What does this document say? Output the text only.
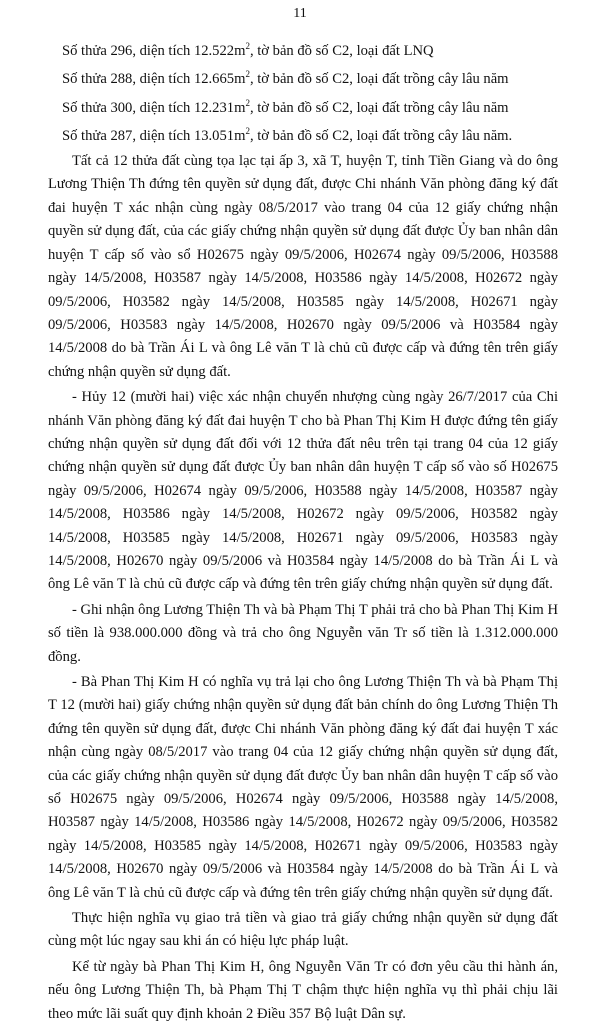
11

Số thửa 296, diện tích $12.522m^2$, tờ bản đồ số C2, loại đất LNQ

Số thửa 288, diện tích $12.665m^2$, tờ bản đồ số C2, loại đất trồng cây lâu năm

Số thửa 300, diện tích $12.231m^2$, tờ bản đồ số C2, loại đất trồng cây lâu năm

Số thửa 287, diện tích $13.051m^2$, tờ bản đồ số C2, loại đất trồng cây lâu năm.

Tất cả 12 thửa đất cùng tọa lạc tại ấp 3, xã T, huyện T, tỉnh Tiền Giang và do ông Lương Thiện Th đứng tên quyền sử dụng đất, được Chi nhánh Văn phòng đăng ký đất đai huyện T xác nhận cùng ngày 08/5/2017 vào trang 04 của 12 giấy chứng nhận quyền sử dụng đất, của các giấy chứng nhận quyền sử dụng đất được Ủy ban nhân dân huyện T cấp số vào sổ H02675 ngày 09/5/2006, H02674 ngày 09/5/2006, H03588 ngày 14/5/2008, H03587 ngày 14/5/2008, H03586 ngày 14/5/2008, H02672 ngày 09/5/2006, H03582 ngày 14/5/2008, H03585 ngày 14/5/2008, H02671 ngày 09/5/2006, H03583 ngày 14/5/2008, H02670 ngày 09/5/2006 và H03584 ngày 14/5/2008 do bà Trần Ái L và ông Lê văn T là chủ cũ được cấp và đứng tên trên giấy chứng nhận quyền sử dụng đất.

- Hủy 12 (mười hai) việc xác nhận chuyển nhượng cùng ngày 26/7/2017 của Chi nhánh Văn phòng đăng ký đất đai huyện T cho bà Phan Thị Kim H được đứng tên giấy chứng nhận quyền sử dụng đất đối với 12 thửa đất nêu trên tại trang 04 của 12 giấy chứng nhận quyền sử dụng đất được Ủy ban nhân dân huyện T cấp số vào số H02675 ngày 09/5/2006, H02674 ngày 09/5/2006, H03588 ngày 14/5/2008, H03587 ngày 14/5/2008, H03586 ngày 14/5/2008, H02672 ngày 09/5/2006, H03582 ngày 14/5/2008, H03585 ngày 14/5/2008, H02671 ngày 09/5/2006, H03583 ngày 14/5/2008, H02670 ngày 09/5/2006 và H03584 ngày 14/5/2008 do bà Trần Ái L và ông Lê văn T là chủ cũ được cấp và đứng tên trên giấy chứng nhận quyền sử dụng đất.

- Ghi nhận ông Lương Thiện Th và bà Phạm Thị T phải trả cho bà Phan Thị Kim H số tiền là 938.000.000 đồng và trả cho ông Nguyễn văn Tr số tiền là 1.312.000.000 đồng.

- Bà Phan Thị Kim H có nghĩa vụ trả lại cho ông Lương Thiện Th và bà Phạm Thị T 12 (mười hai) giấy chứng nhận quyền sử dụng đất bản chính do ông Lương Thiện Th đứng tên quyền sử dụng đất, được Chi nhánh Văn phòng đăng ký đất đai huyện T xác nhận cùng ngày 08/5/2017 vào trang 04 của 12 giấy chứng nhận quyền sử dụng đất, của các giấy chứng nhận quyền sử dụng đất được Ủy ban nhân dân huyện T cấp số vào sổ H02675 ngày 09/5/2006, H02674 ngày 09/5/2006, H03588 ngày 14/5/2008, H03587 ngày 14/5/2008, H03586 ngày 14/5/2008, H02672 ngày 09/5/2006, H03582 ngày 14/5/2008, H03585 ngày 14/5/2008, H02671 ngày 09/5/2006, H03583 ngày 14/5/2008, H02670 ngày 09/5/2006 và H03584 ngày 14/5/2008 do bà Trần Ái L và ông Lê văn T là chủ cũ được cấp và đứng tên trên giấy chứng nhận quyền sử dụng đất.

Thực hiện nghĩa vụ giao trả tiền và giao trả giấy chứng nhận quyền sử dụng đất cùng một lúc ngay sau khi án có hiệu lực pháp luật.

Kể từ ngày bà Phan Thị Kim H, ông Nguyễn Văn Tr có đơn yêu cầu thi hành án, nếu ông Lương Thiện Th, bà Phạm Thị T chậm thực hiện nghĩa vụ thì phải chịu lãi theo mức lãi suất quy định khoản 2 Điều 357 Bộ luật Dân sự.
